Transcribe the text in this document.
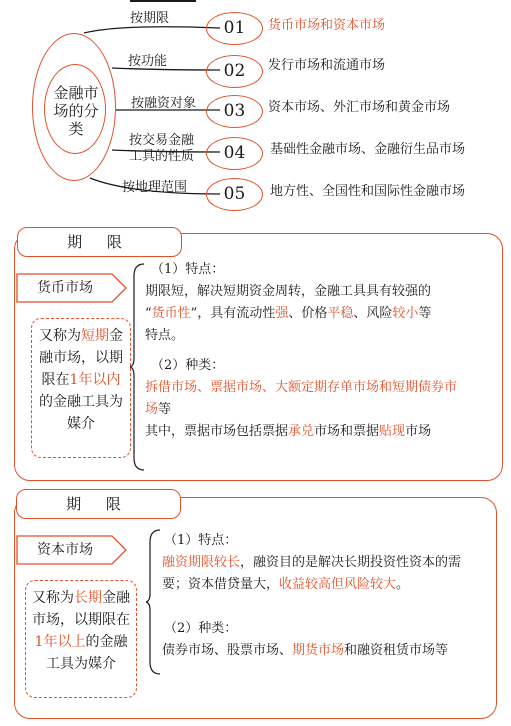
金融市
场的分
类
按期限
按功能
按融资对象
按交易金融
工具的性质
按地理范围
01
02
03
04
05
货币市场和资本市场
发行市场和流通市场
资本市场、外汇市场和黄金市场
基础性金融市场、金融衍生品市场
地方性、全国性和国际性金融市场
期 限
货币市场
又称为短期金
融市场，以期
限在1年以内
的金融工具为
媒介
（1）特点：
期限短，解决短期资金周转，金融工具具有较强的
“货币性”，具有流动性强、价格平稳、风险较小等
特点。
（2）种类：
拆借市场、票据市场、大额定期存单市场和短期债券市
场等
其中，票据市场包括票据承兑市场和票据贴现市场
期 限
资本市场
又称为长期金融
市场，以期限在
1年以上的金融
工具为媒介
（1）特点：
融资期限较长，融资目的是解决长期投资性资本的需
要；资本借贷量大，收益较高但风险较大。
（2）种类：
债券市场、股票市场、期货市场和融资租赁市场等
